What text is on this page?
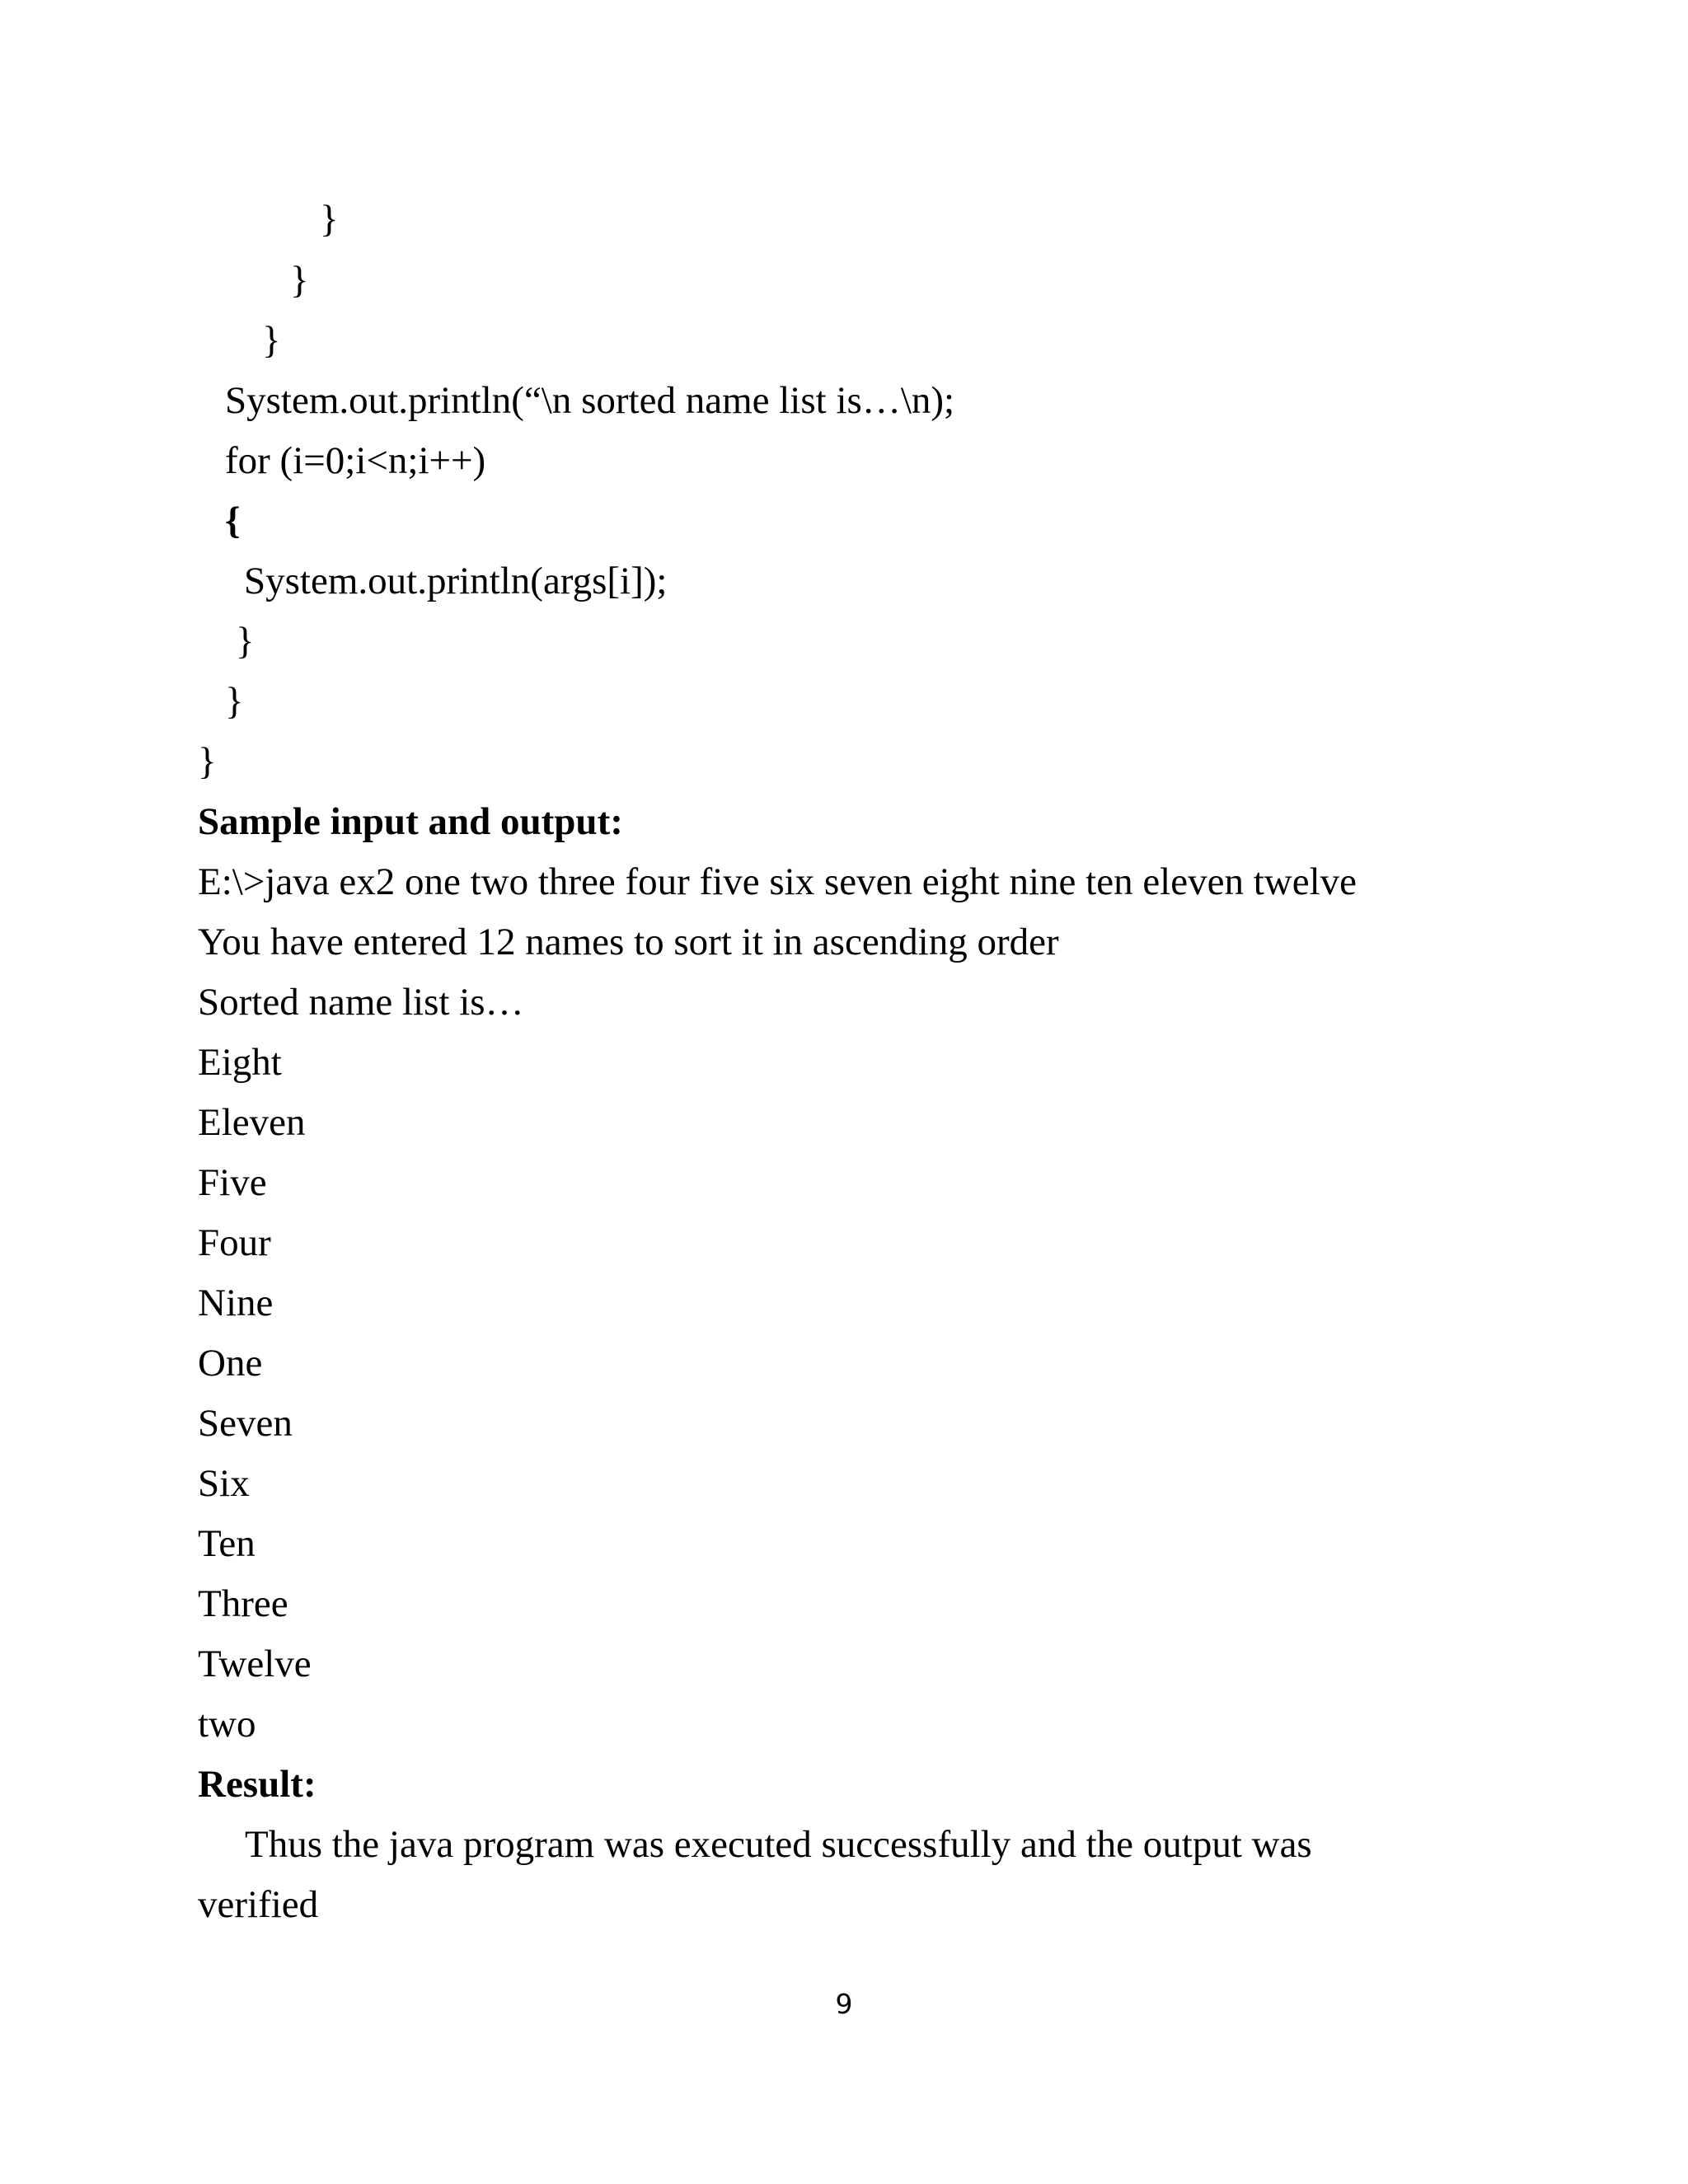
}
}
}
System.out.println(“\n sorted name list is…\n);
for (i=0;i<n;i++)
{
System.out.println(args[i]);
}
}
}
Sample input and output:
E:\>java ex2 one two three four five six seven eight nine ten eleven twelve
You have entered 12 names to sort it in ascending order
Sorted name list is…
Eight
Eleven
Five
Four
Nine
One
Seven
Six
Ten
Three
Twelve
two
Result:
Thus the java program was executed successfully and the output was
verified
9
